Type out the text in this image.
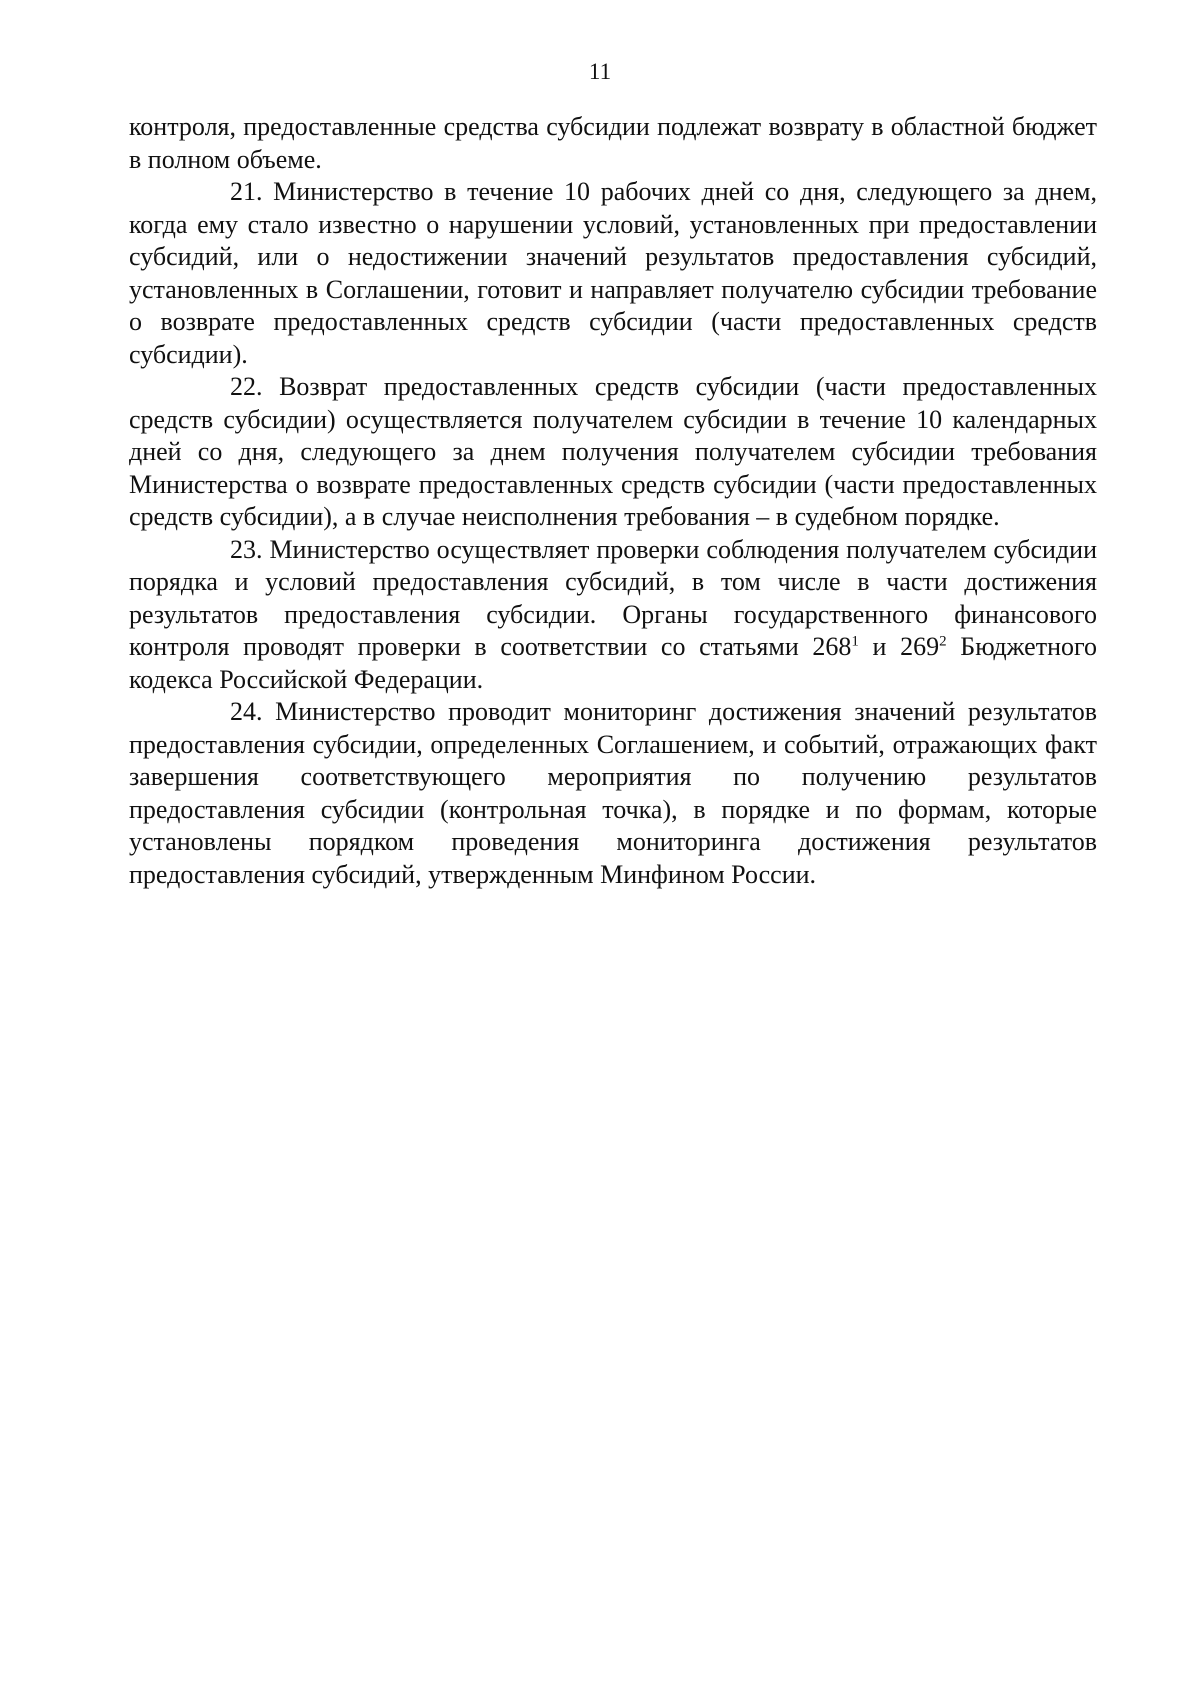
11

контроля, предоставленные средства субсидии подлежат возврату в областной бюджет в полном объеме.

21. Министерство в течение 10 рабочих дней со дня, следующего за днем, когда ему стало известно о нарушении условий, установленных при предоставлении субсидий, или о недостижении значений результатов предоставления субсидий, установленных в Соглашении, готовит и направляет получателю субсидии требование о возврате предоставленных средств субсидии (части предоставленных средств субсидии).

22. Возврат предоставленных средств субсидии (части предоставленных средств субсидии) осуществляется получателем субсидии в течение 10 календарных дней со дня, следующего за днем получения получателем субсидии требования Министерства о возврате предоставленных средств субсидии (части предоставленных средств субсидии), а в случае неисполнения требования – в судебном порядке.

23. Министерство осуществляет проверки соблюдения получателем субсидии порядка и условий предоставления субсидий, в том числе в части достижения результатов предоставления субсидии. Органы государственного финансового контроля проводят проверки в соответствии со статьями $268^1$ и $269^2$ Бюджетного кодекса Российской Федерации.

24. Министерство проводит мониторинг достижения значений результатов предоставления субсидии, определенных Соглашением, и событий, отражающих факт завершения соответствующего мероприятия по получению результатов предоставления субсидии (контрольная точка), в порядке и по формам, которые установлены порядком проведения мониторинга достижения результатов предоставления субсидий, утвержденным Минфином России.
